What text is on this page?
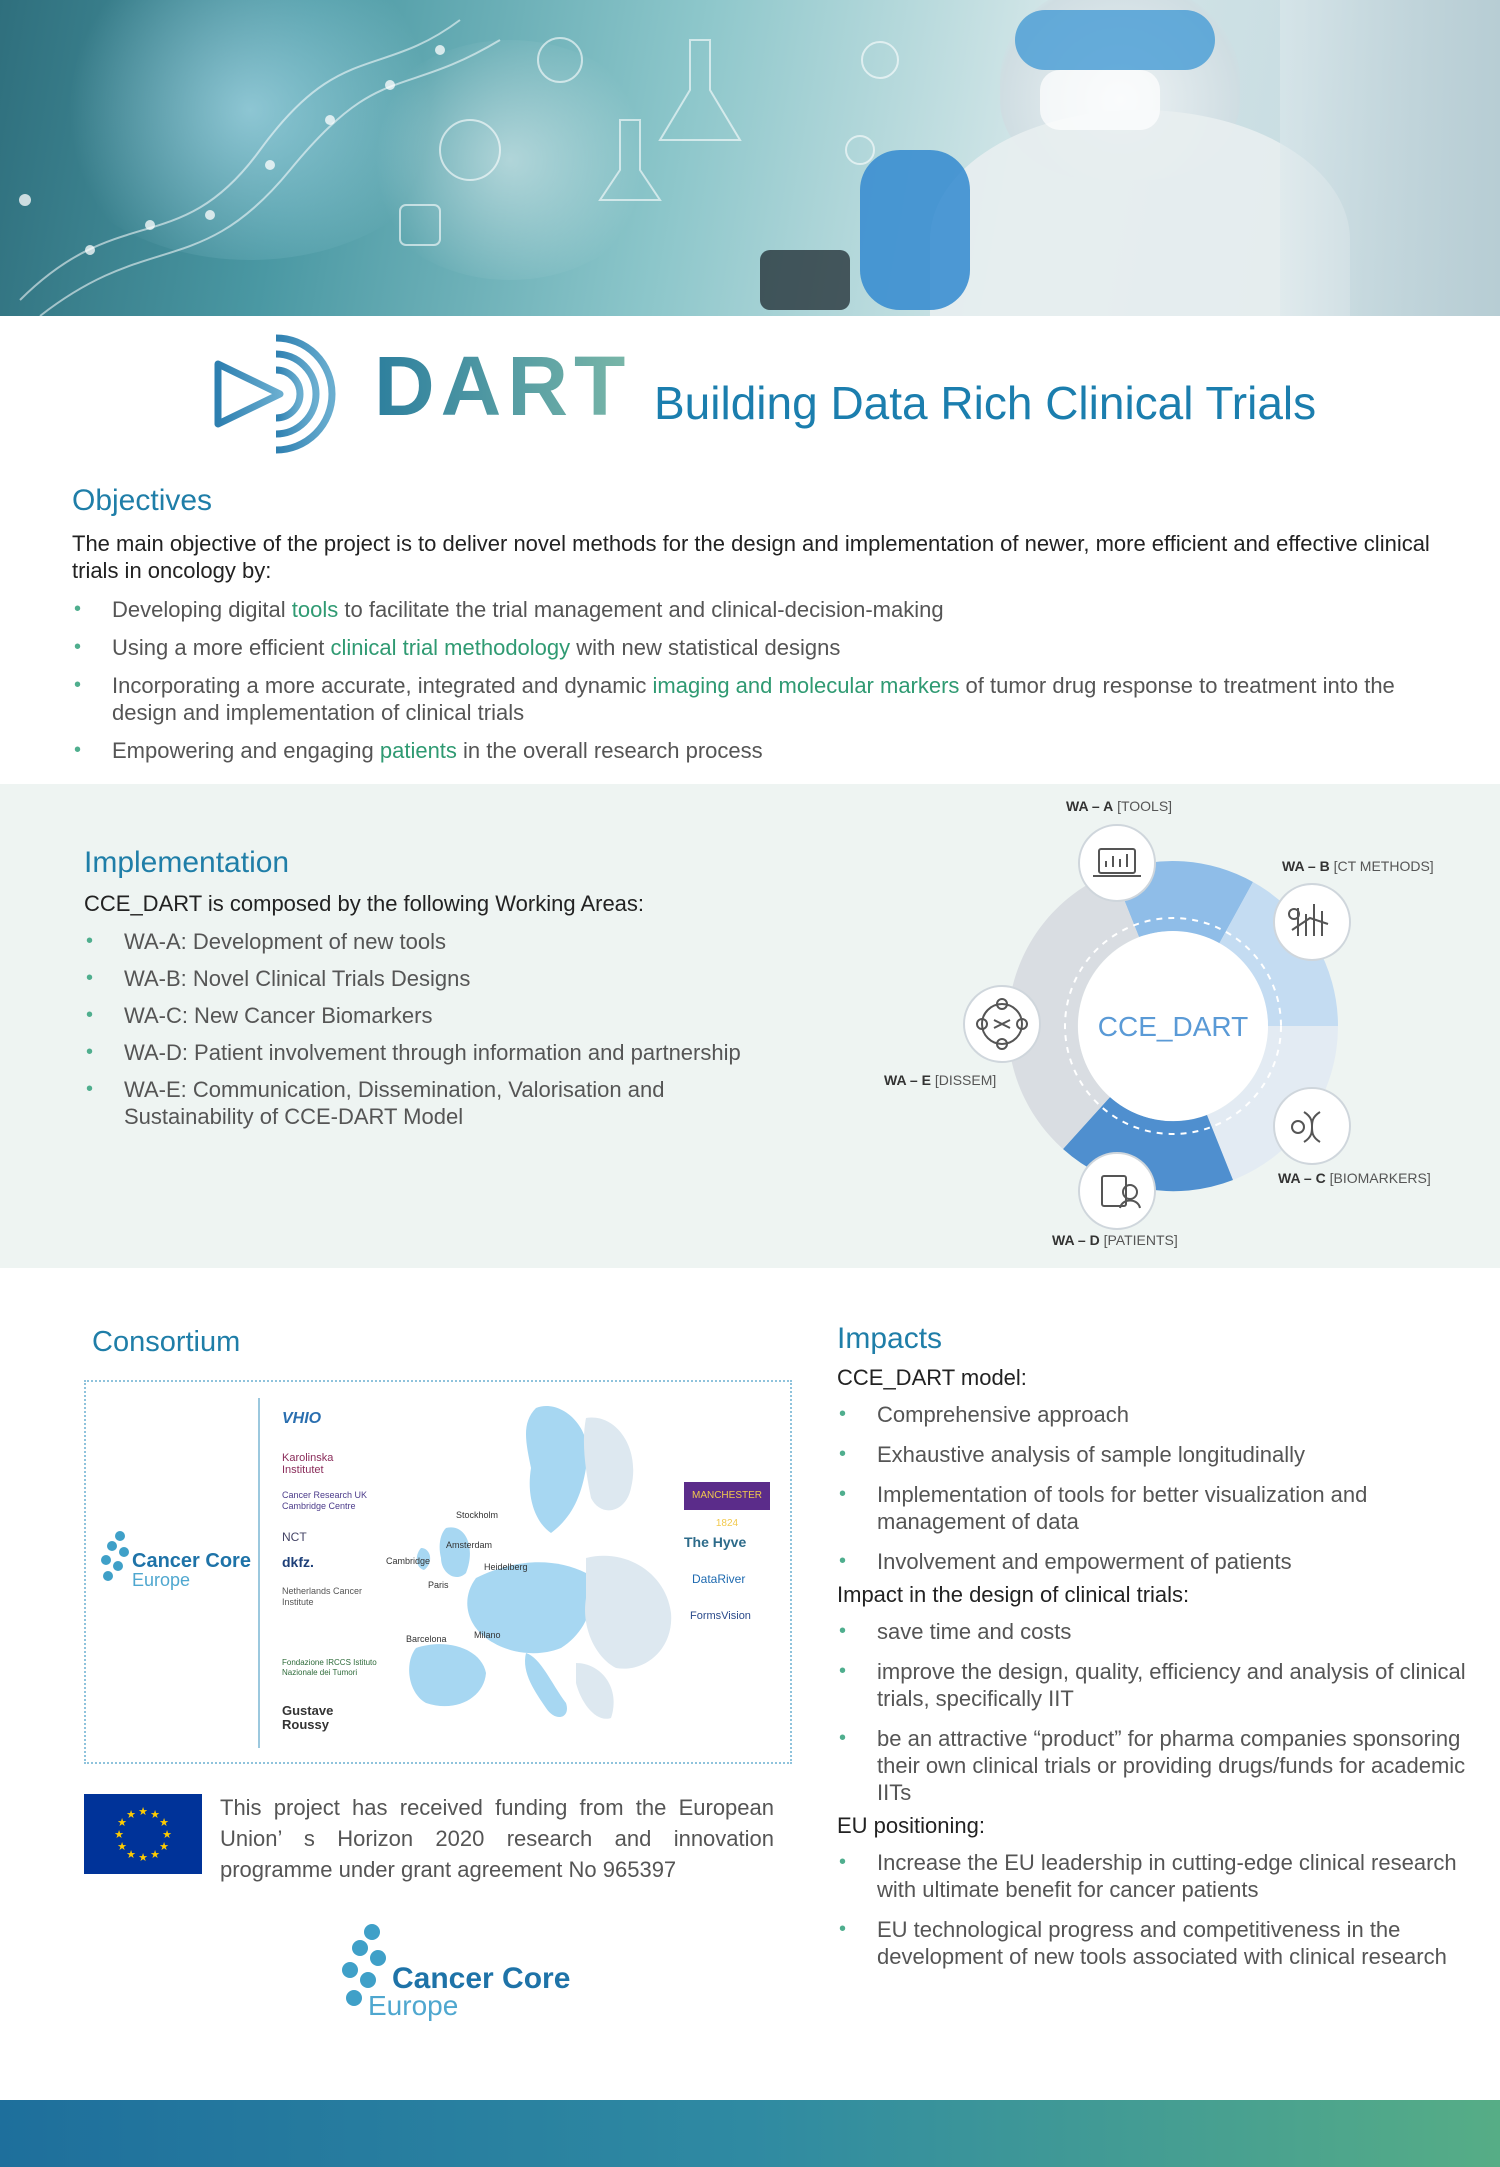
DART Building Data Rich Clinical Trials
Objectives

The main objective of the project is to deliver novel methods for the design and implementation of newer, more efficient and effective clinical trials in oncology by:

• Developing digital tools to facilitate the trial management and clinical-decision-making
• Using a more efficient clinical trial methodology with new statistical designs
• Incorporating a more accurate, integrated and dynamic imaging and molecular markers of tumor drug response to treatment into the design and implementation of clinical trials
• Empowering and engaging patients in the overall research process
Implementation

CCE_DART is composed by the following Working Areas:

• WA-A: Development of new tools
• WA-B: Novel Clinical Trials Designs
• WA-C: New Cancer Biomarkers
• WA-D: Patient involvement through information and partnership
• WA-E: Communication, Dissemination, Valorisation and Sustainability of CCE-DART Model
CCE_DART
WA – A [TOOLS]
WA – B [CT METHODS]
WA – C [BIOMARKERS]
WA – D [PATIENTS]
WA – E [DISSEM]
Consortium
Cancer Core
Europe
VHIO
Karolinska Institutet
Cancer Research UK Cambridge Centre
NCT
dkfz.
Netherlands Cancer Institute
Fondazione IRCCS Istituto Nazionale dei Tumori
Gustave Roussy
Stockholm
Cambridge
Amsterdam
Heidelberg
Paris
Milano
Barcelona
MANCHESTER 1824
The Hyve
DataRiver
FormsVision
★ ★
★
★
★
★
★
★
★
★
★
★	This project has received funding from the European Union’ s Horizon 2020 research and innovation programme under grant agreement No 965397

Cancer Core
Europe
Impacts

CCE_DART model:

• Comprehensive approach
• Exhaustive analysis of sample longitudinally
• Implementation of tools for better visualization and management of data
• Involvement and empowerment of patients

Impact in the design of clinical trials:

• save time and costs
• improve the design, quality, efficiency and analysis of clinical trials, specifically IIT
• be an attractive “product” for pharma companies sponsoring their own clinical trials or providing drugs/funds for academic IITs

EU positioning:

• Increase the EU leadership in cutting-edge clinical research with ultimate benefit for cancer patients
• EU technological progress and competitiveness in the development of new tools associated with clinical research
